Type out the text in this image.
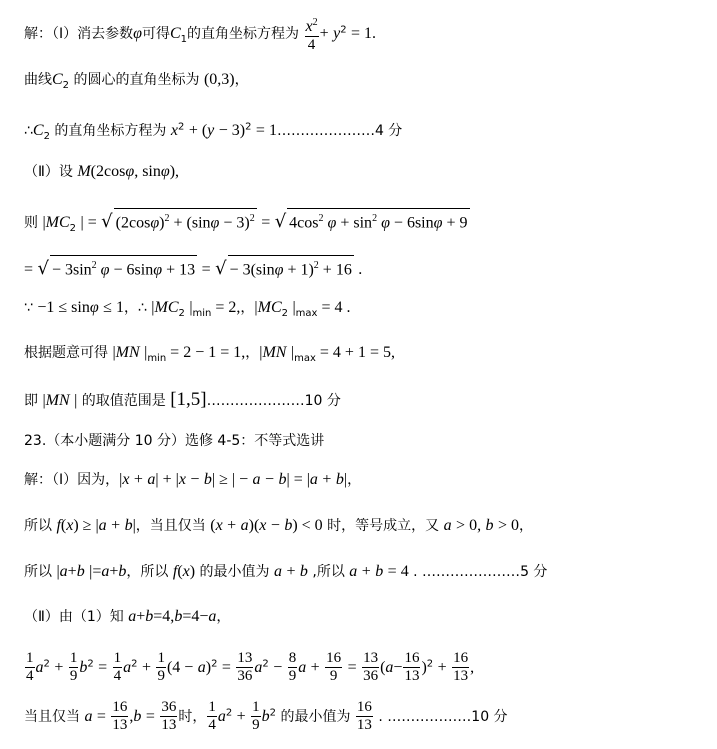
解：（Ⅰ）消去参数φ可得$C_1$的直角坐标方程为 $\frac{x^2}{4} + y^2 = 1$.
曲线$C_2$ 的圆心的直角坐标为 (0,3)，
$\therefore C_2$ 的直角坐标方程为 $x^2 + (y - 3)^2$ = 1…………………4 分
（Ⅱ）设 M(2cosφ, sinφ),
则 $|MC_2$ | = √ $(2\cos\varphi)^2 + (\sin\varphi - 3)^2$ = √ $4\cos^2$ $\varphi + \sin^2 \varphi - 6\sin\varphi + 9$
= √ − $3\sin^2$ φ − 6sinφ + 13 = √ − $3(\sin\varphi + 1)^2 + 16$ .
∵ −1 ≤ sinφ ≤ 1，∴ $|MC_2$ $|_{min} = 2$,，$|MC_2$ $|_{max} = 4$ .
根据题意可得 |MN $|_{min} = 2 - 1 = 1$,，|MN $|_{max} = 4 + 1 = 5$,
即 |MN | 的取值范围是 [1,5]…………………10 分
23.（本小题满分 10 分）选修 4-5：不等式选讲
解：（Ⅰ）因为，|x + a| + |x − b| ≥ | − a − b| = |a + b|，
所以 f(x) ≥ |a + b|，当且仅当 (x + a)(x − b) < 0 时，等号成立，又 a > 0, b > 0，
所以 |a+b |=a+b，所以 f(x) 的最小值为 a + b ,所以 a + b = 4 . …………………5 分
（Ⅱ）由（1）知 a+b=4,b=4−a，
$\frac{1}{4} a^2 + \frac{1}{9} b^2 = \frac{1}{4} a^2 + \frac{1}{9} (4 - a)^2 = \frac{13}{36} a^2 - \frac{8}{9}$ $a + \frac{16}{9} = \frac{13}{36} (a- \frac{16}{13} )^2 + \frac{16}{13}$ ,
当且仅当 $a = \frac{16}{13} ,b = \frac{36}{13}$ 时， $\frac{1}{4} a^2 + \frac{1}{9} b^2$ 的最小值为 $\frac{16}{13}$ . ………………10 分
